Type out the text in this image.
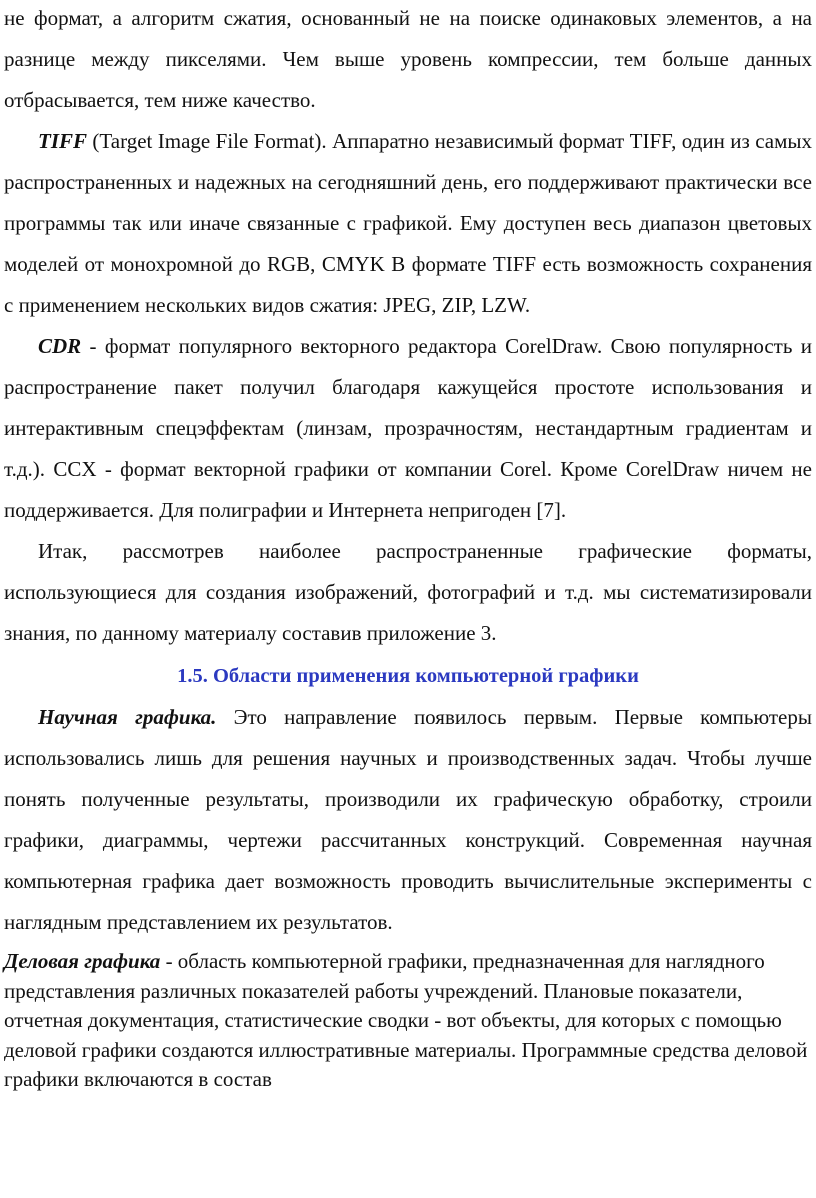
не формат, а алгоритм сжатия, основанный не на поиске одинаковых элементов, а на разнице между пикселями. Чем выше уровень компрессии, тем больше данных отбрасывается, тем ниже качество.

TIFF (Target Image File Format). Аппаратно независимый формат TIFF, один из самых распространенных и надежных на сегодняшний день, его поддерживают практически все программы так или иначе связанные с графикой. Ему доступен весь диапазон цветовых моделей от монохромной до RGB, CMYK В формате TIFF есть возможность сохранения с применением нескольких видов сжатия: JPEG, ZIP, LZW.

CDR - формат популярного векторного редактора CorelDraw. Свою популярность и распространение пакет получил благодаря кажущейся простоте использования и интерактивным спецэффектам (линзам, прозрачностям, нестандартным градиентам и т.д.). CCX - формат векторной графики от компании Corel. Кроме CorelDraw ничем не поддерживается. Для полиграфии и Интернета непригоден [7].

Итак, рассмотрев наиболее распространенные графические форматы, использующиеся для создания изображений, фотографий и т.д. мы систематизировали знания, по данному материалу составив приложение 3.

1.5. Области применения компьютерной графики

Научная графика. Это направление появилось первым. Первые компьютеры использовались лишь для решения научных и производственных задач. Чтобы лучше понять полученные результаты, производили их графическую обработку, строили графики, диаграммы, чертежи рассчитанных конструкций. Современная научная компьютерная графика дает возможность проводить вычислительные эксперименты с наглядным представлением их результатов.

Деловая графика - область компьютерной графики, предназначенная для наглядного представления различных показателей работы учреждений. Плановые показатели, отчетная документация, статистические сводки - вот объекты, для которых с помощью деловой графики создаются иллюстративные материалы. Программные средства деловой графики включаются в состав
